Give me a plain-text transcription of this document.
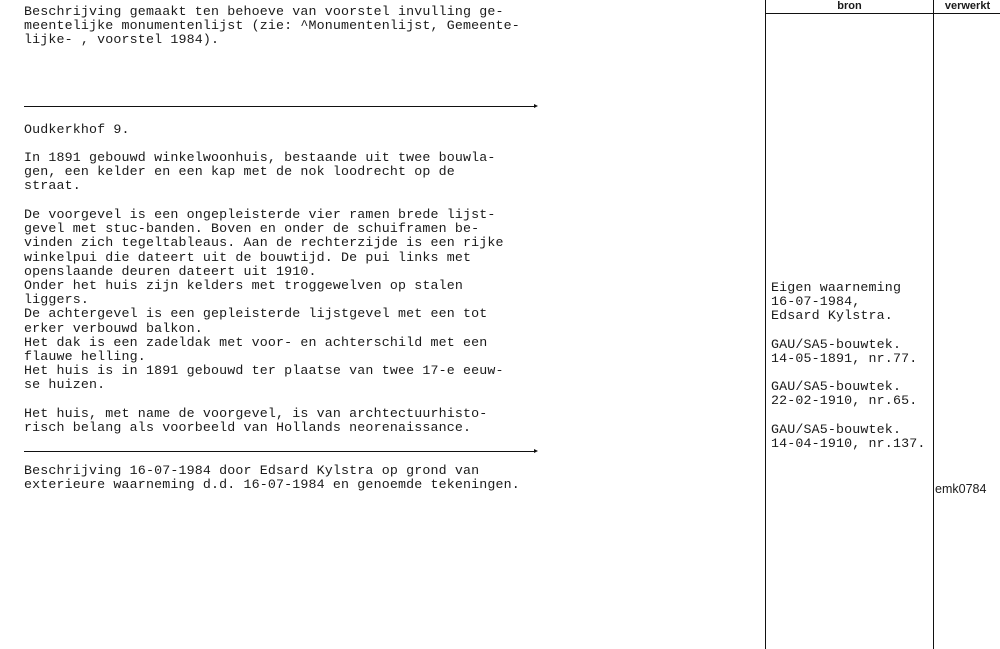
Beschrijving gemaakt ten behoeve van voorstel invulling ge-
meentelijke monumentenlijst (zie: ^Monumentenlijst, Gemeente-
lijke- , voorstel 1984).
Oudkerkhof 9.
In 1891 gebouwd winkelwoonhuis, bestaande uit twee bouwla-
gen, een kelder en een kap met de nok loodrecht op de
straat.
De voorgevel is een ongepleisterde vier ramen brede lijst-
gevel met stuc-banden. Boven en onder de schuiframen be-
vinden zich tegeltableaus. Aan de rechterzijde is een rijke
winkelpui die dateert uit de bouwtijd. De pui links met
openslaande deuren dateert uit 1910.
Onder het huis zijn kelders met troggewelven op stalen
liggers.
De achtergevel is een gepleisterde lijstgevel met een tot
erker verbouwd balkon.
Het dak is een zadeldak met voor- en achterschild met een
flauwe helling.
Het huis is in 1891 gebouwd ter plaatse van twee 17-e eeuw-
se huizen.
Het huis, met name de voorgevel, is van archtectuurhisto-
risch belang als voorbeeld van Hollands neorenaissance.
Beschrijving 16-07-1984 door Edsard Kylstra op grond van
exterieure waarneming d.d. 16-07-1984 en genoemde tekeningen.
bron	verwerkt
Eigen waarneming
16-07-1984,
Edsard Kylstra.
GAU/SA5-bouwtek.
14-05-1891, nr.77.
GAU/SA5-bouwtek.
22-02-1910, nr.65.
GAU/SA5-bouwtek.
14-04-1910, nr.137.
emk0784
